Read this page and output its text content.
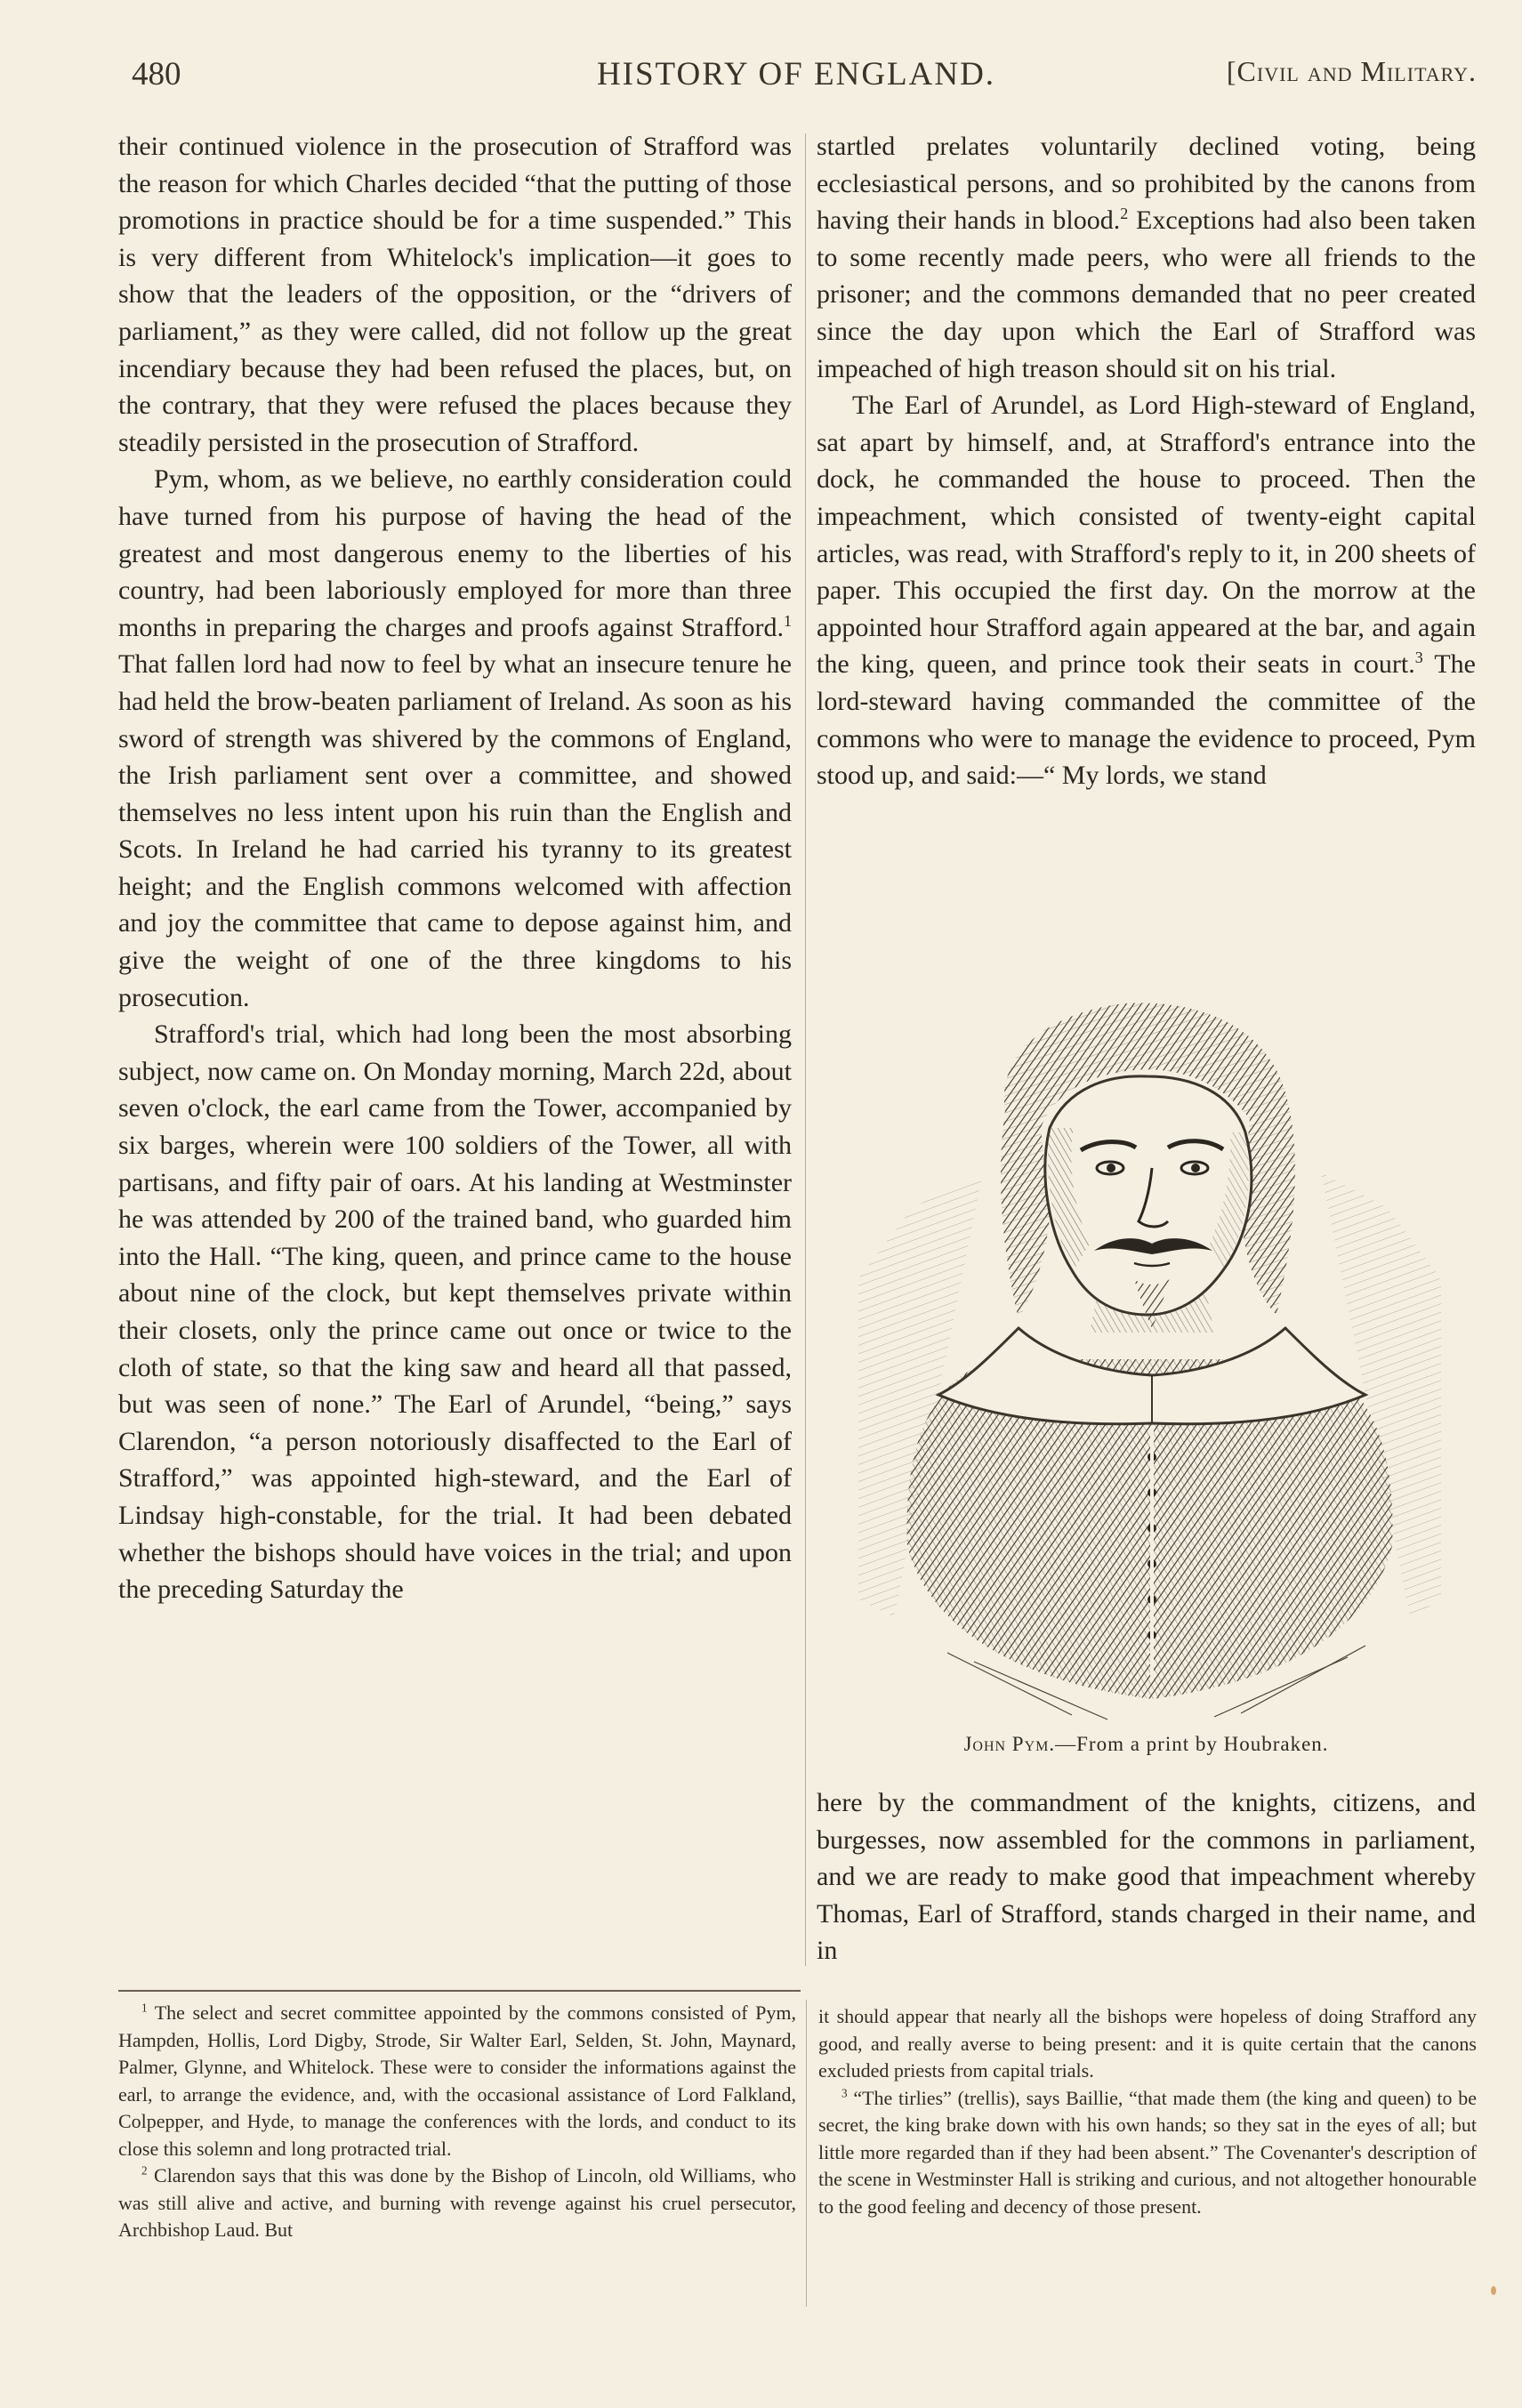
480	HISTORY OF ENGLAND.	[Civil and Military.

their continued violence in the prosecution of Strafford was the reason for which Charles decided “that the putting of those promotions in practice should be for a time suspended.” This is very different from Whitelock's implication—it goes to show that the leaders of the opposition, or the “drivers of parliament,” as they were called, did not follow up the great incendiary because they had been refused the places, but, on the contrary, that they were refused the places because they steadily persisted in the prosecution of Strafford.

Pym, whom, as we believe, no earthly consideration could have turned from his purpose of having the head of the greatest and most dangerous enemy to the liberties of his country, had been laboriously employed for more than three months in preparing the charges and proofs against Strafford.$^1$ That fallen lord had now to feel by what an insecure tenure he had held the brow-beaten parliament of Ireland. As soon as his sword of strength was shivered by the commons of England, the Irish parliament sent over a committee, and showed themselves no less intent upon his ruin than the English and Scots. In Ireland he had carried his tyranny to its greatest height; and the English commons welcomed with affection and joy the committee that came to depose against him, and give the weight of one of the three kingdoms to his prosecution.

Strafford's trial, which had long been the most absorbing subject, now came on. On Monday morning, March 22d, about seven o'clock, the earl came from the Tower, accompanied by six barges, wherein were 100 soldiers of the Tower, all with partisans, and fifty pair of oars. At his landing at Westminster he was attended by 200 of the trained band, who guarded him into the Hall. “The king, queen, and prince came to the house about nine of the clock, but kept themselves private within their closets, only the prince came out once or twice to the cloth of state, so that the king saw and heard all that passed, but was seen of none.” The Earl of Arundel, “being,” says Clarendon, “a person notoriously disaffected to the Earl of Strafford,” was appointed high-steward, and the Earl of Lindsay high-constable, for the trial. It had been debated whether the bishops should have voices in the trial; and upon the preceding Saturday the

startled prelates voluntarily declined voting, being ecclesiastical persons, and so prohibited by the canons from having their hands in blood.$^2$ Exceptions had also been taken to some recently made peers, who were all friends to the prisoner; and the commons demanded that no peer created since the day upon which the Earl of Strafford was impeached of high treason should sit on his trial.

The Earl of Arundel, as Lord High-steward of England, sat apart by himself, and, at Strafford's entrance into the dock, he commanded the house to proceed. Then the impeachment, which consisted of twenty-eight capital articles, was read, with Strafford's reply to it, in 200 sheets of paper. This occupied the first day. On the morrow at the appointed hour Strafford again appeared at the bar, and again the king, queen, and prince took their seats in court.$^3$ The lord-steward having commanded the committee of the commons who were to manage the evidence to proceed, Pym stood up, and said:—“ My lords, we stand

John Pym.—From a print by Houbraken.

here by the commandment of the knights, citizens, and burgesses, now assembled for the commons in parliament, and we are ready to make good that impeachment whereby Thomas, Earl of Strafford, stands charged in their name, and in

$^1$ The select and secret committee appointed by the commons consisted of Pym, Hampden, Hollis, Lord Digby, Strode, Sir Walter Earl, Selden, St. John, Maynard, Palmer, Glynne, and Whitelock. These were to consider the informations against the earl, to arrange the evidence, and, with the occasional assistance of Lord Falkland, Colpepper, and Hyde, to manage the conferences with the lords, and conduct to its close this solemn and long protracted trial.

$^2$ Clarendon says that this was done by the Bishop of Lincoln, old Williams, who was still alive and active, and burning with revenge against his cruel persecutor, Archbishop Laud. But

it should appear that nearly all the bishops were hopeless of doing Strafford any good, and really averse to being present: and it is quite certain that the canons excluded priests from capital trials.

$^3$ “The tirlies” (trellis), says Baillie, “that made them (the king and queen) to be secret, the king brake down with his own hands; so they sat in the eyes of all; but little more regarded than if they had been absent.” The Covenanter's description of the scene in Westminster Hall is striking and curious, and not altogether honourable to the good feeling and decency of those present.
